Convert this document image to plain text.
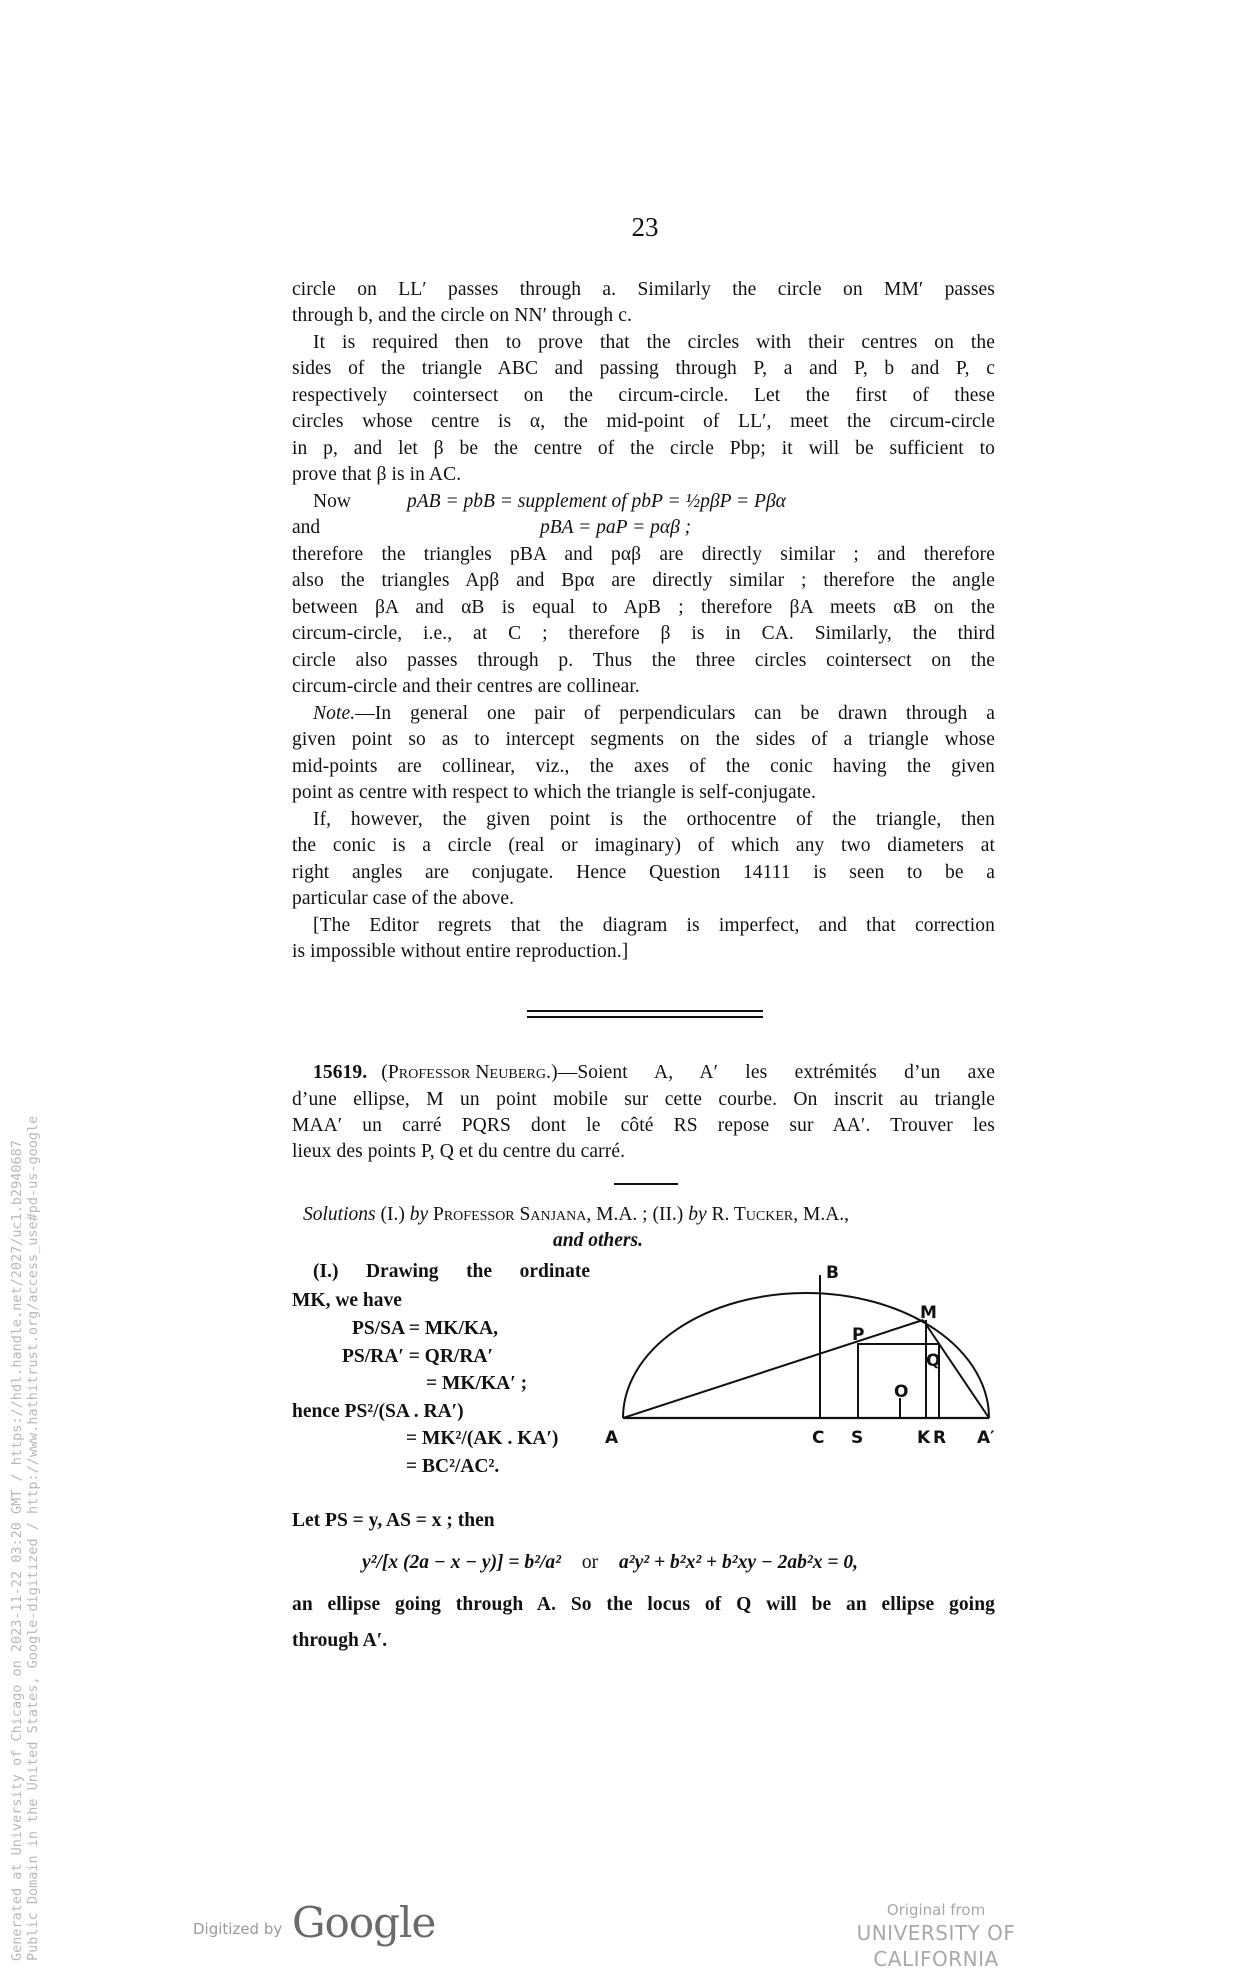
Generated at University of Chicago on 2023-11-22 03:20 GMT / https://hdl.handle.net/2027/uc1.b2940687 Public Domain in the United States, Google-digitized / http://www.hathitrust.org/access_use#pd-us-google
23
circle on LL′ passes through a. Similarly the circle on MM′ passes
through b, and the circle on NN′ through c.
It is required then to prove that the circles with their centres on the
sides of the triangle ABC and passing through P, a and P, b and P, c
respectively cointersect on the circum-circle. Let the first of these
circles whose centre is α, the mid-point of LL′, meet the circum-circle
in p, and let β be the centre of the circle Pbp; it will be sufficient to
prove that β is in AC.
Now	pAB = pbB = supplement of pbP = ½pβP = Pβα
and	pBA = paP = pαβ ;
therefore the triangles pBA and pαβ are directly similar ; and therefore
also the triangles Apβ and Bpα are directly similar ; therefore the angle
between βA and αB is equal to ApB ; therefore βA meets αB on the
circum-circle, i.e., at C ; therefore β is in CA. Similarly, the third
circle also passes through p. Thus the three circles cointersect on the
circum-circle and their centres are collinear.
Note. —In general one pair of perpendiculars can be drawn through a
given point so as to intercept segments on the sides of a triangle whose
mid-points are collinear, viz., the axes of the conic having the given
point as centre with respect to which the triangle is self-conjugate.
If, however, the given point is the orthocentre of the triangle, then
the conic is a circle (real or imaginary) of which any two diameters at
right angles are conjugate. Hence Question 14111 is seen to be a
particular case of the above.
[The Editor regrets that the diagram is imperfect, and that correction
is impossible without entire reproduction.]
15619. (Professor Neuberg.) —Soient A, A′ les extrémités d’un axe
d’une ellipse, M un point mobile sur cette courbe. On inscrit au triangle
MAA′ un carré PQRS dont le côté RS repose sur AA′. Trouver les
lieux des points P, Q et du centre du carré.
Solutions (I.) by Professor Sanjana, M.A. ; (II.) by R. Tucker, M.A.,
and others.
(I.) Drawing the ordinate
MK, we have
PS/SA = MK/KA,
PS/RA′ = QR/RA′
= MK/KA′ ;
hence PS²/(SA . RA′)
= MK²/(AK . KA′)
= BC²/AC².
Let PS = y, AS = x ; then
y²/[x (2a − x − y)] = b²/a² or a²y² + b²x² + b²xy − 2ab²x = 0,
an ellipse going through A. So the locus of Q will be an ellipse going
through A′.
A	A′
B
C S	K R
M
P
Q
O
Digitized by Google	Original from
UNIVERSITY OF CALIFORNIA
